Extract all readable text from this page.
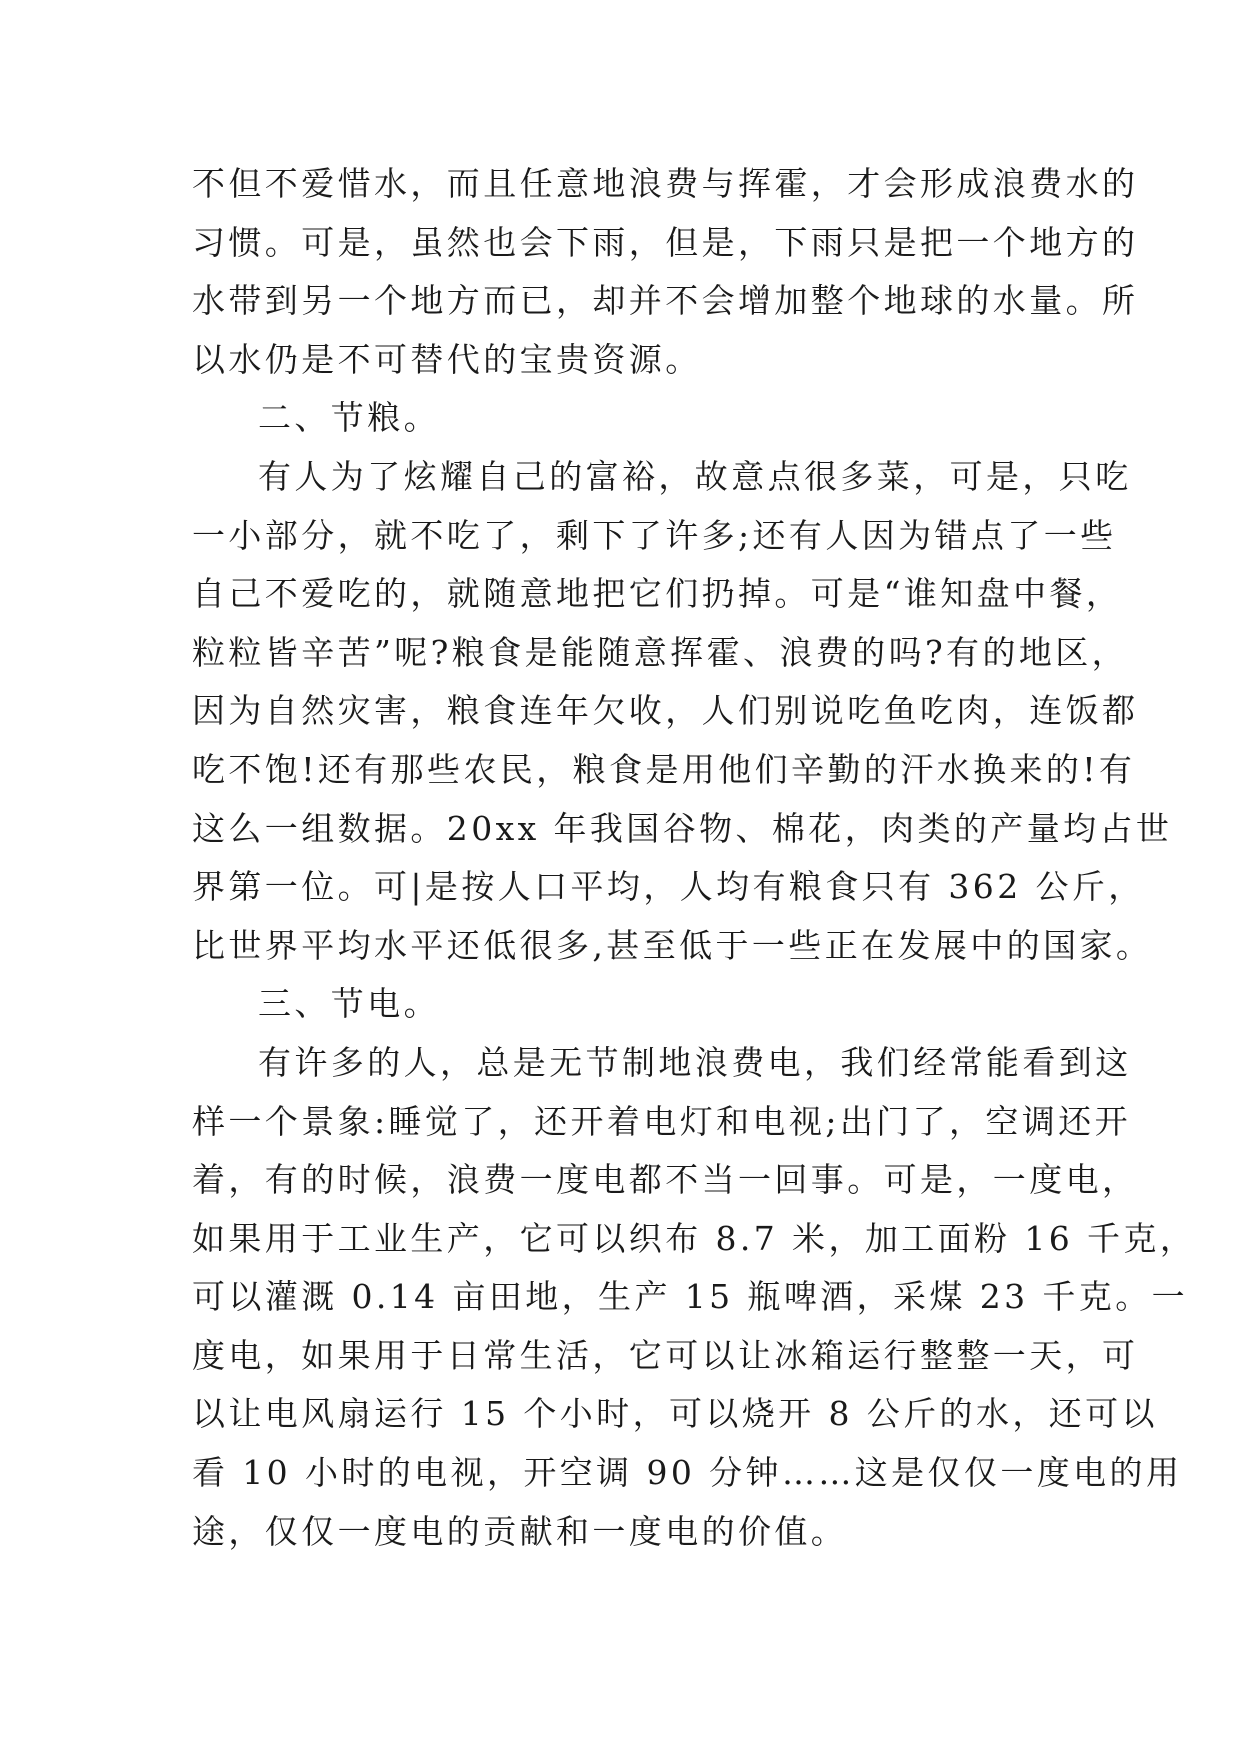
不但不爱惜水，而且任意地浪费与挥霍，才会形成浪费水的
习惯。可是，虽然也会下雨，但是，下雨只是把一个地方的
水带到另一个地方而已，却并不会增加整个地球的水量。所
以水仍是不可替代的宝贵资源。
二、节粮。
有人为了炫耀自己的富裕，故意点很多菜，可是，只吃
一小部分，就不吃了，剩下了许多;还有人因为错点了一些
自己不爱吃的，就随意地把它们扔掉。可是“谁知盘中餐，
粒粒皆辛苦”呢?粮食是能随意挥霍、浪费的吗?有的地区，
因为自然灾害，粮食连年欠收，人们别说吃鱼吃肉，连饭都
吃不饱!还有那些农民，粮食是用他们辛勤的汗水换来的!有
这么一组数据。20xx 年我国谷物、棉花，肉类的产量均占世
界第一位。可|是按人口平均，人均有粮食只有 362 公斤，
比世界平均水平还低很多,甚至低于一些正在发展中的国家。
三、节电。
有许多的人，总是无节制地浪费电，我们经常能看到这
样一个景象:睡觉了，还开着电灯和电视;出门了，空调还开
着，有的时候，浪费一度电都不当一回事。可是，一度电，
如果用于工业生产，它可以织布 8.7 米，加工面粉 16 千克，
可以灌溉 0.14 亩田地，生产 15 瓶啤酒，采煤 23 千克。一
度电，如果用于日常生活，它可以让冰箱运行整整一天，可
以让电风扇运行 15 个小时，可以烧开 8 公斤的水，还可以
看 10 小时的电视，开空调 90 分钟……这是仅仅一度电的用
途，仅仅一度电的贡献和一度电的价值。
